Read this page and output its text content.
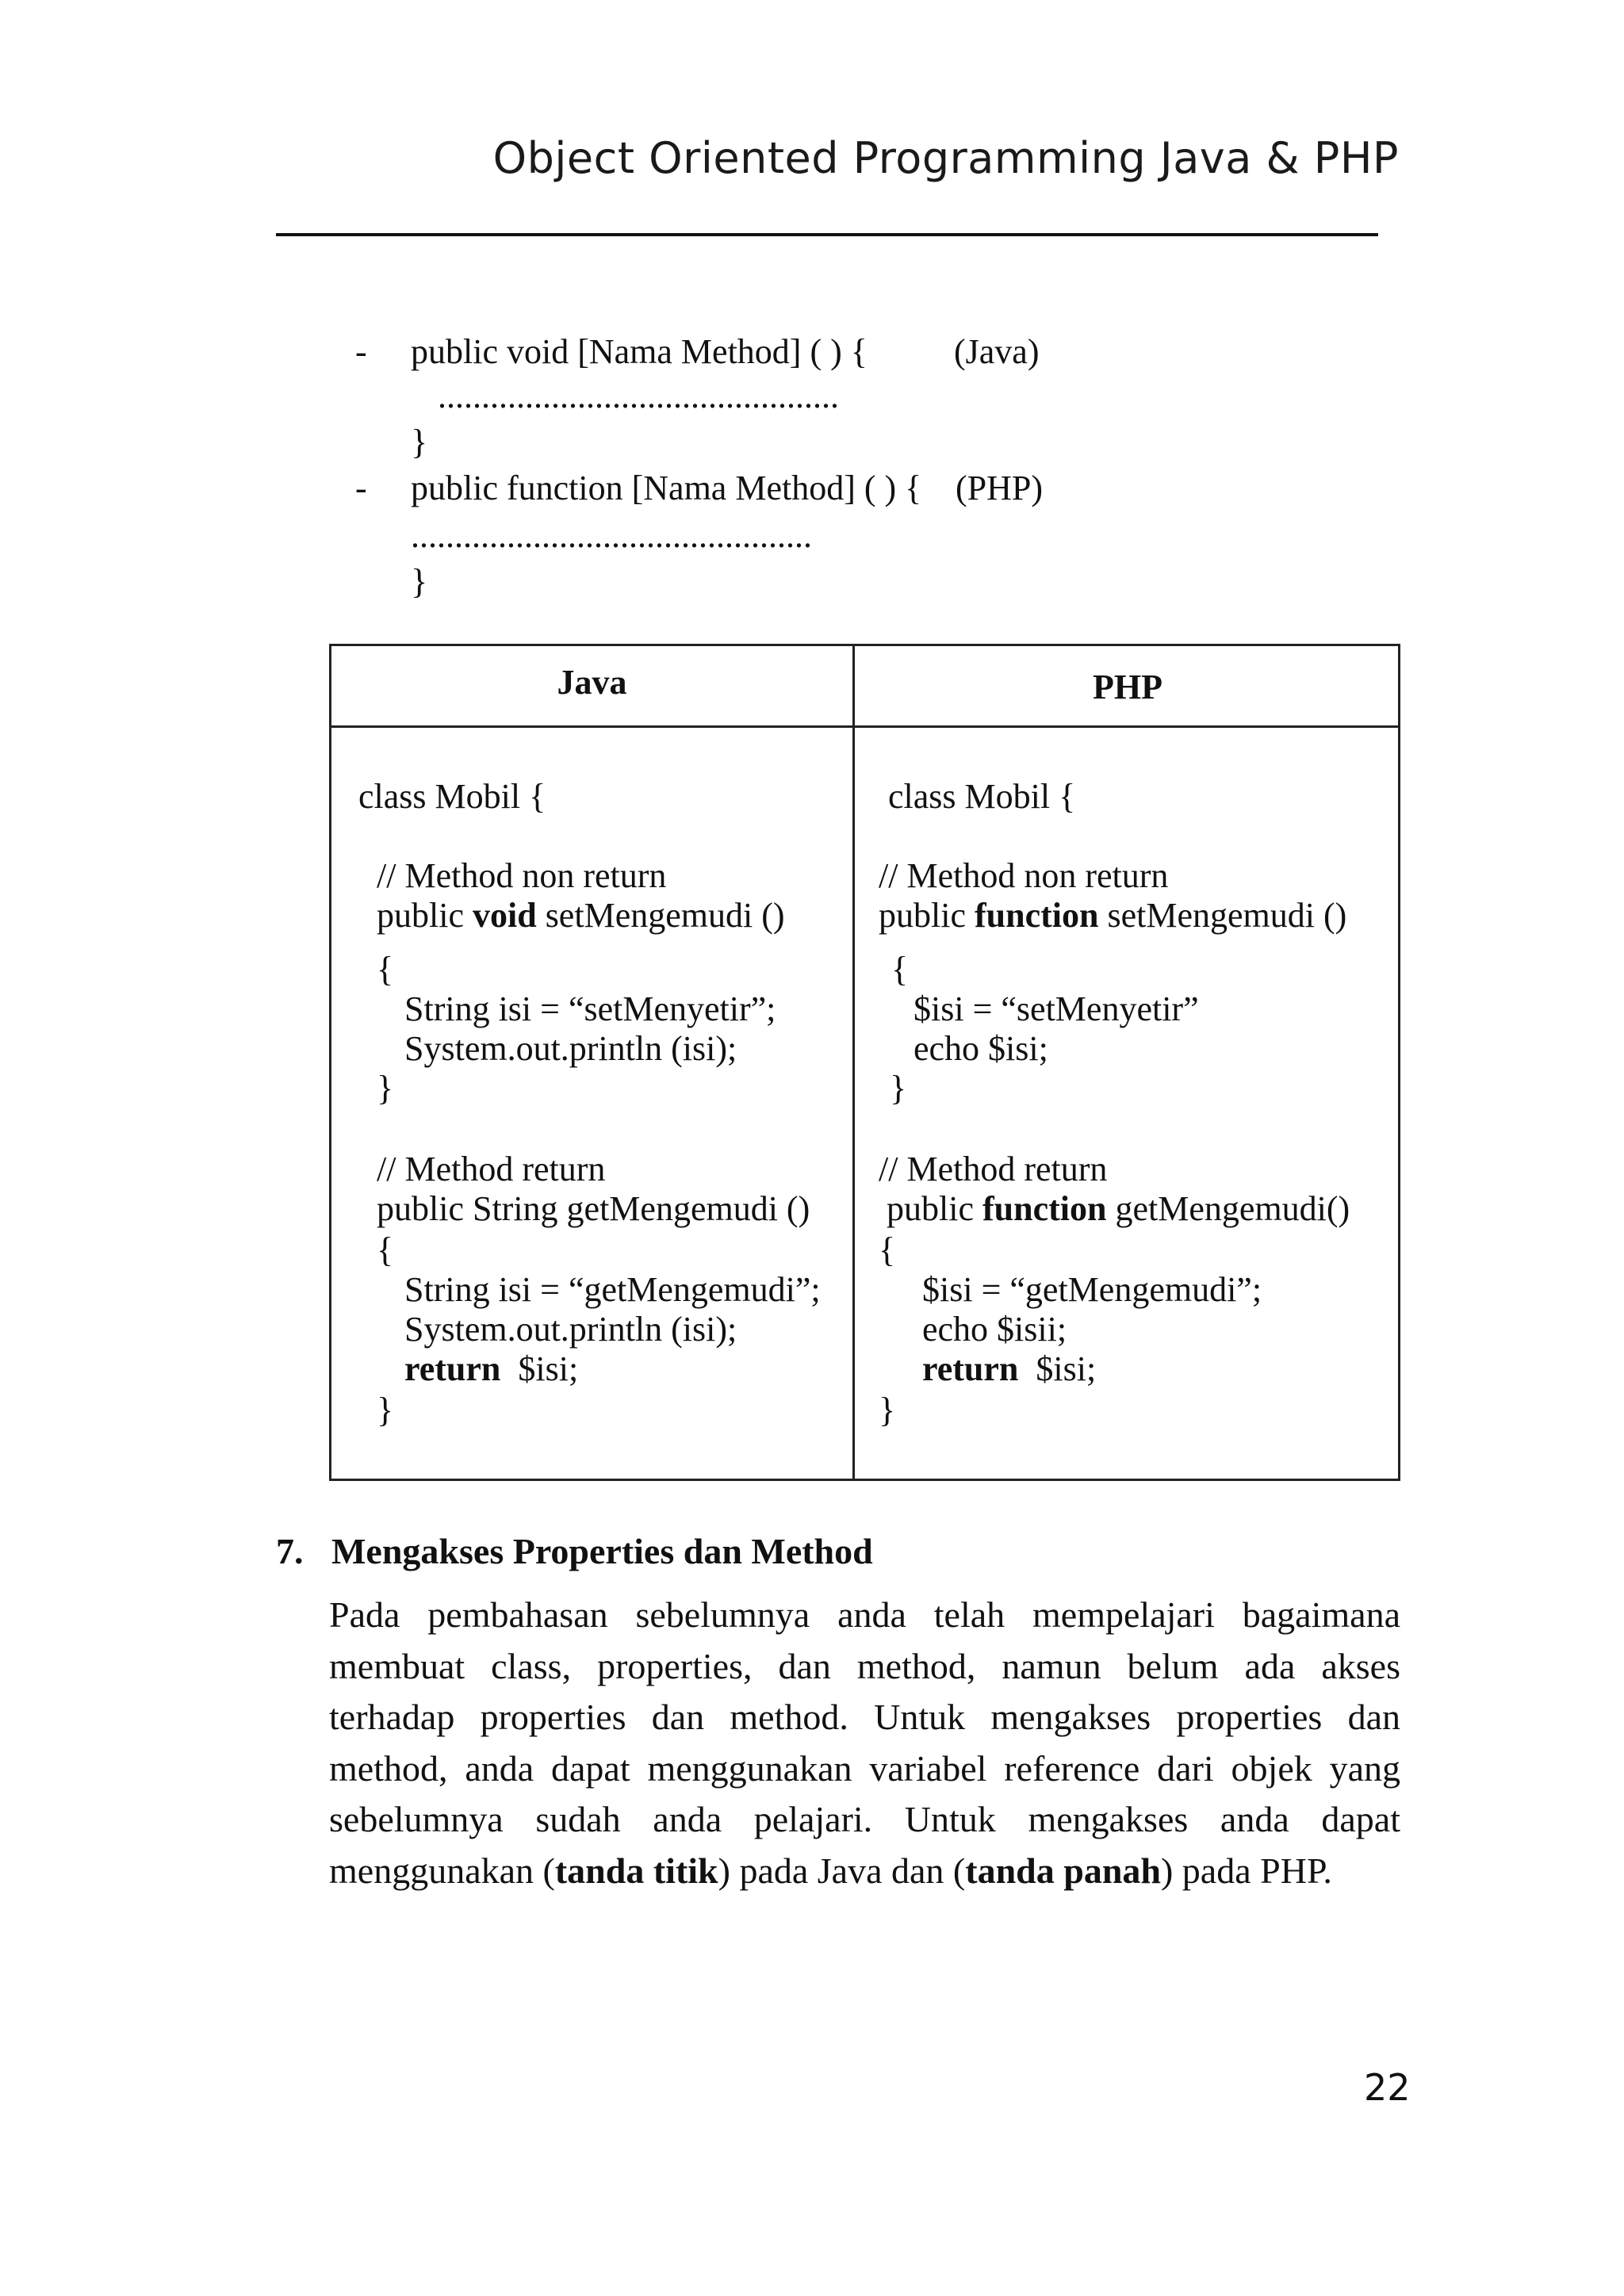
Object Oriented Programming Java & PHP
- public void [Nama Method] ( ) { (Java)
..............................................
}
- public function [Nama Method] ( ) { (PHP)
..............................................
}
Java	PHP
class Mobil {
// Method non return
public void setMengemudi ()
{
String isi = “setMenyetir”;
System.out.println (isi);
}
// Method return
public String getMengemudi ()
{
String isi = “getMengemudi”;
System.out.println (isi);
return  $isi;
}
class Mobil {
// Method non return
public function setMengemudi ()
{
$isi = “setMenyetir”
echo $isi;
}
// Method return
public function getMengemudi()
{
$isi = “getMengemudi”;
echo $isii;
return  $isi;
}
7. Mengakses Properties dan Method
Pada pembahasan sebelumnya anda telah mempelajari bagaimana
membuat class, properties, dan method, namun belum ada akses
terhadap properties dan method. Untuk mengakses properties dan
method, anda dapat menggunakan variabel reference dari objek yang
sebelumnya sudah anda pelajari. Untuk mengakses anda dapat
menggunakan (tanda titik) pada Java dan (tanda panah) pada PHP.
22
